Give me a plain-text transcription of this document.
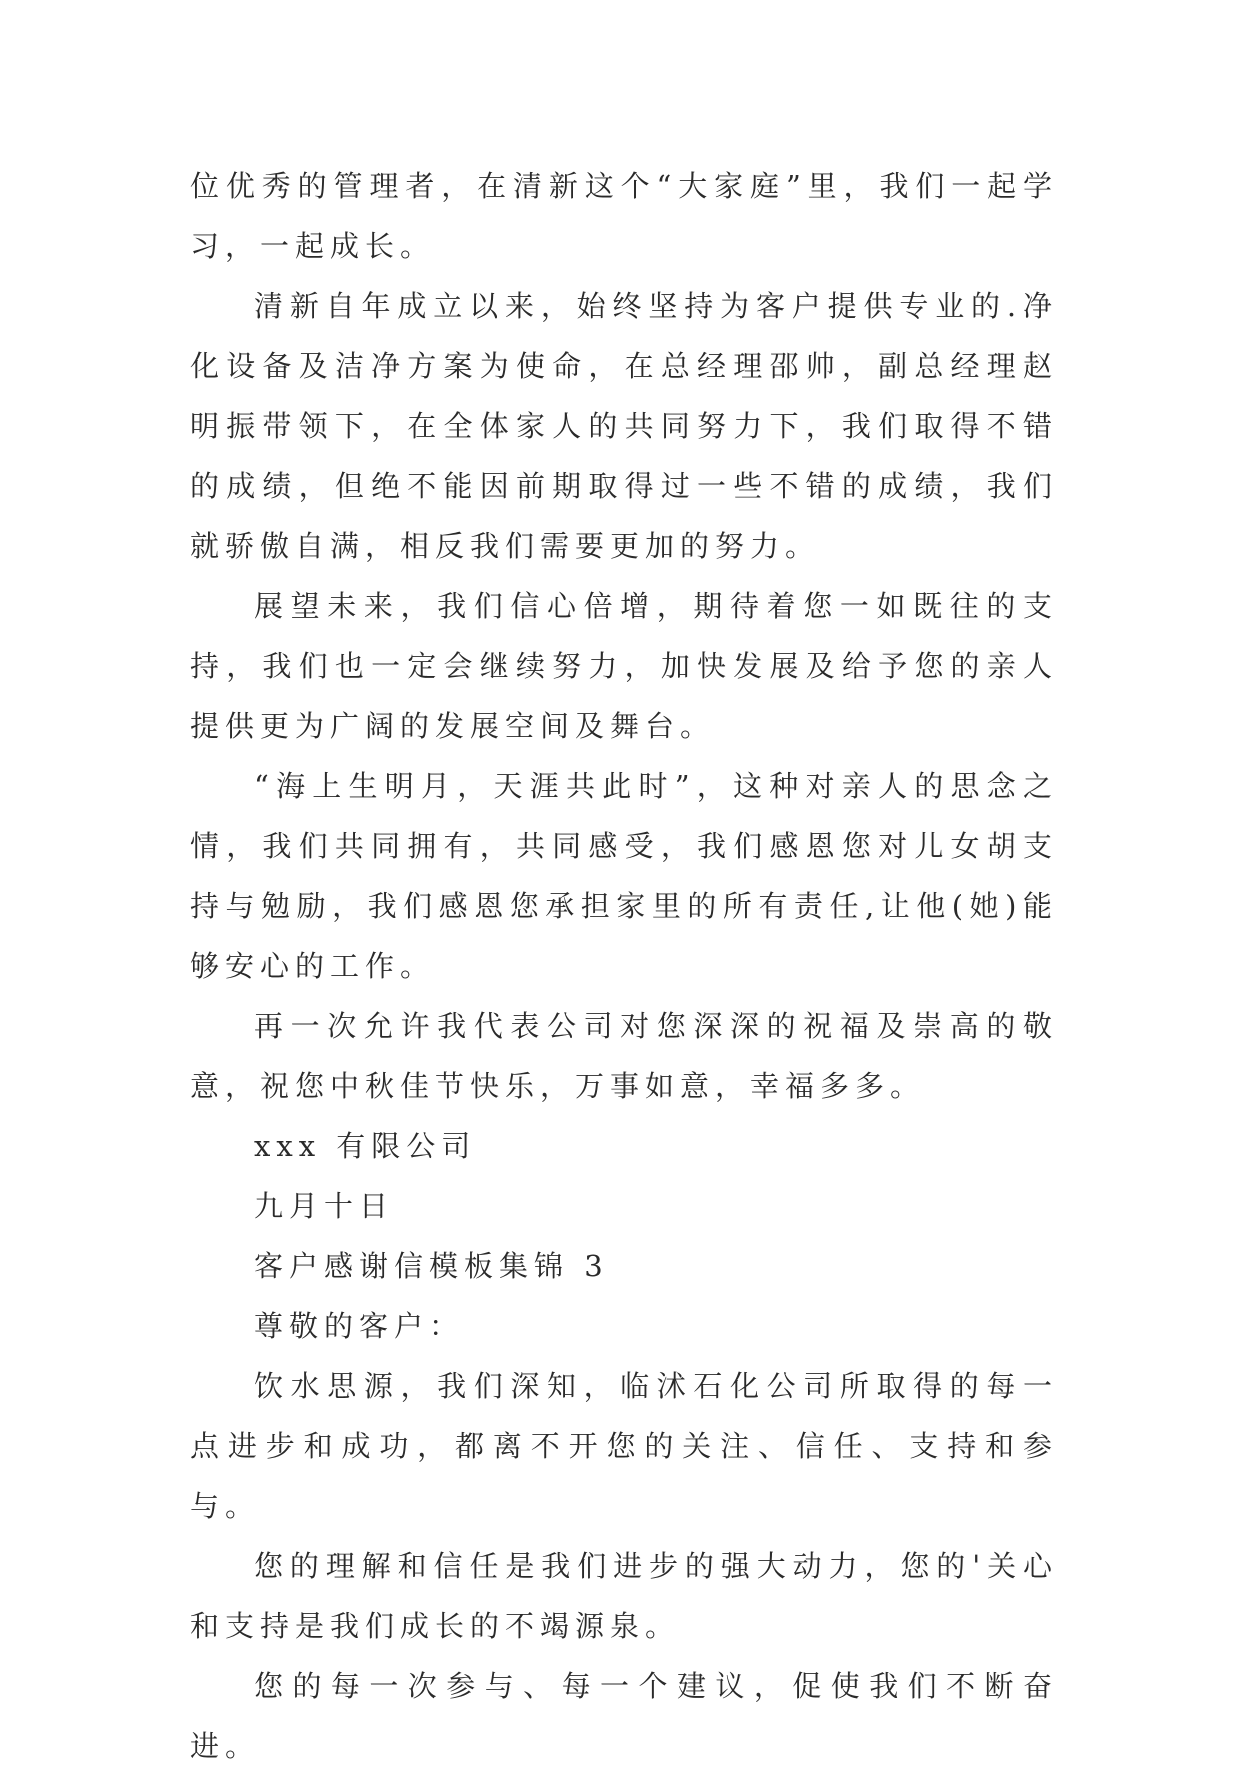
位优秀的管理者，在清新这个“大家庭”里，我们一起学习，一起成长。

清新自年成立以来，始终坚持为客户提供专业的.净化设备及洁净方案为使命，在总经理邵帅，副总经理赵明振带领下，在全体家人的共同努力下，我们取得不错的成绩，但绝不能因前期取得过一些不错的成绩，我们就骄傲自满，相反我们需要更加的努力。

展望未来，我们信心倍增，期待着您一如既往的支持，我们也一定会继续努力，加快发展及给予您的亲人提供更为广阔的发展空间及舞台。

“海上生明月，天涯共此时”，这种对亲人的思念之情，我们共同拥有，共同感受，我们感恩您对儿女胡支持与勉励，我们感恩您承担家里的所有责任,让他(她)能够安心的工作。

再一次允许我代表公司对您深深的祝福及崇高的敬意，祝您中秋佳节快乐，万事如意，幸福多多。

xxx 有限公司

九月十日

客户感谢信模板集锦 3

尊敬的客户：

饮水思源，我们深知，临沭石化公司所取得的每一点进步和成功，都离不开您的关注、信任、支持和参与。

您的理解和信任是我们进步的强大动力，您的'关心和支持是我们成长的不竭源泉。

您的每一次参与、每一个建议，促使我们不断奋进。
